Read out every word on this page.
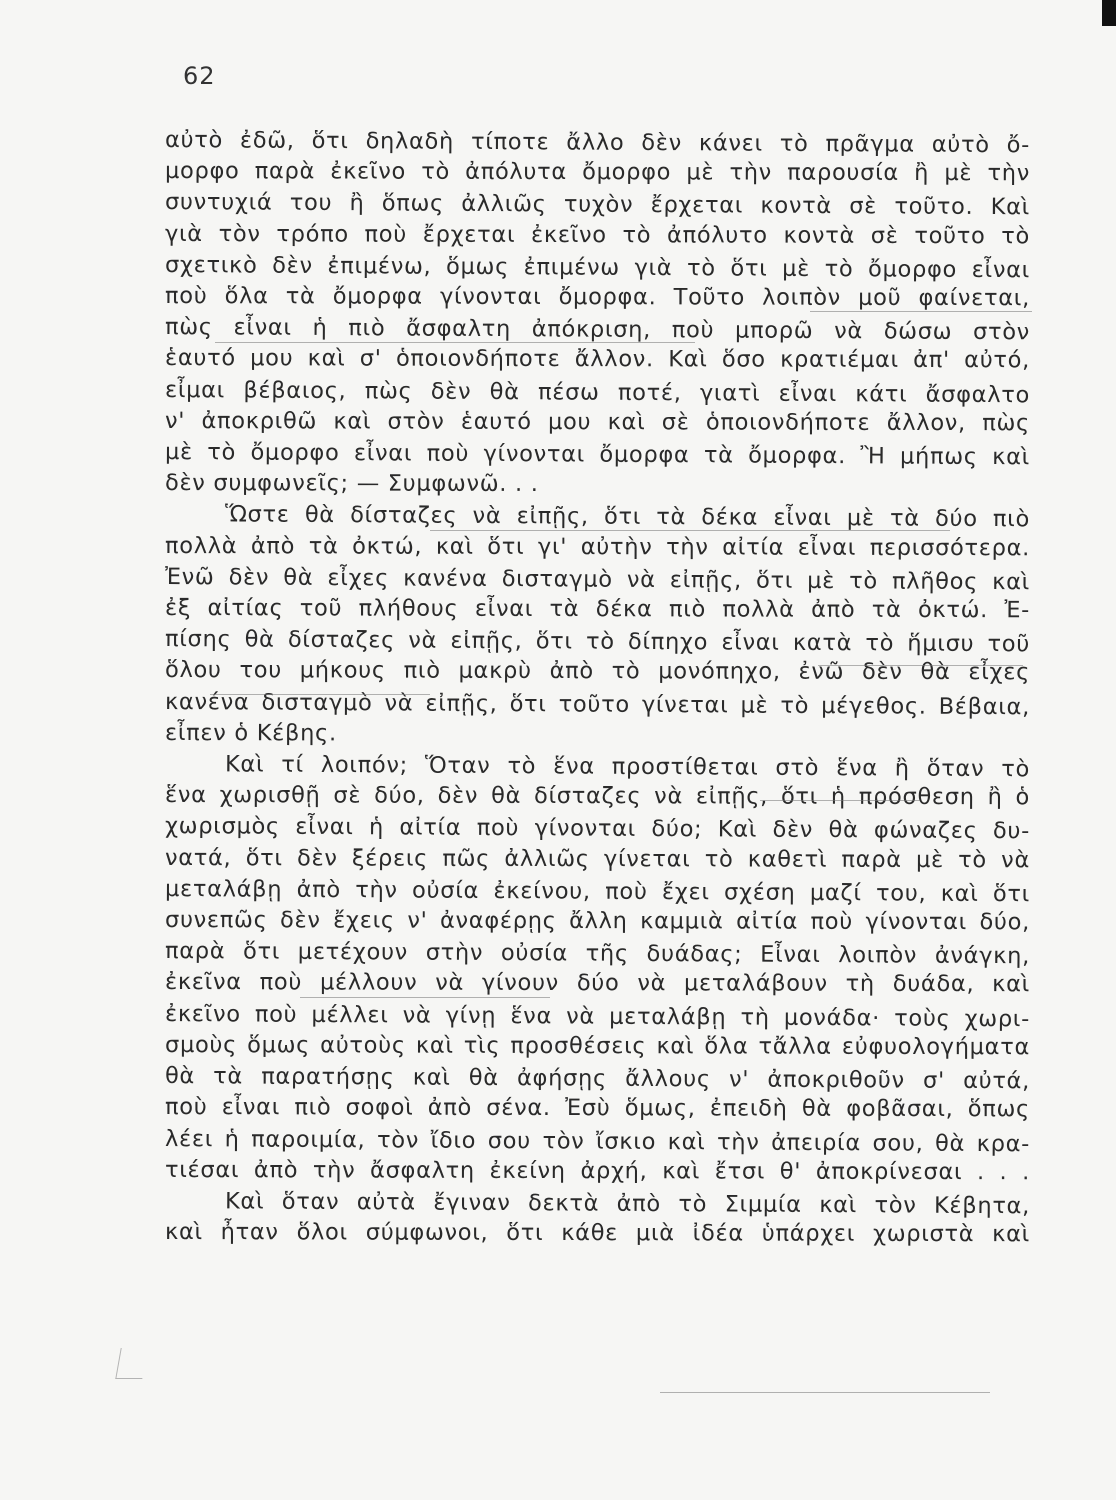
62
αὐτὸ ἐδῶ, ὅτι δηλαδὴ τίποτε ἄλλο δὲν κάνει τὸ πρᾶγμα αὐτὸ ὄ-
μορφο παρὰ ἐκεῖνο τὸ ἀπόλυτα ὄμορφο μὲ τὴν παρουσία ἢ μὲ τὴν
συντυχιά του ἢ ὅπως ἀλλιῶς τυχὸν ἔρχεται κοντὰ σὲ τοῦτο. Καὶ
γιὰ τὸν τρόπο ποὺ ἔρχεται ἐκεῖνο τὸ ἀπόλυτο κοντὰ σὲ τοῦτο τὸ
σχετικὸ δὲν ἐπιμένω, ὅμως ἐπιμένω γιὰ τὸ ὅτι μὲ τὸ ὄμορφο εἶναι
ποὺ ὅλα τὰ ὄμορφα γίνονται ὄμορφα. Τοῦτο λοιπὸν μοῦ φαίνεται,
πὼς εἶναι ἡ πιὸ ἄσφαλτη ἀπόκριση, ποὺ μπορῶ νὰ δώσω στὸν
ἑαυτό μου καὶ σ' ὁποιονδήποτε ἄλλον. Καὶ ὅσο κρατιέμαι ἀπ' αὐτό,
εἶμαι βέβαιος, πὼς δὲν θὰ πέσω ποτέ, γιατὶ εἶναι κάτι ἄσφαλτο
ν' ἀποκριθῶ καὶ στὸν ἑαυτό μου καὶ σὲ ὁποιονδήποτε ἄλλον, πὼς
μὲ τὸ ὄμορφο εἶναι ποὺ γίνονται ὄμορφα τὰ ὄμορφα. Ἢ μήπως καὶ
δὲν συμφωνεῖς; — Συμφωνῶ. . .
Ὥστε θὰ δίσταζες νὰ εἰπῇς, ὅτι τὰ δέκα εἶναι μὲ τὰ δύο πιὸ
πολλὰ ἀπὸ τὰ ὀκτώ, καὶ ὅτι γι' αὐτὴν τὴν αἰτία εἶναι περισσότερα.
Ἐνῶ δὲν θὰ εἶχες κανένα δισταγμὸ νὰ εἰπῇς, ὅτι μὲ τὸ πλῆθος καὶ
ἐξ αἰτίας τοῦ πλήθους εἶναι τὰ δέκα πιὸ πολλὰ ἀπὸ τὰ ὀκτώ. Ἐ-
πίσης θὰ δίσταζες νὰ εἰπῇς, ὅτι τὸ δίπηχο εἶναι κατὰ τὸ ἥμισυ τοῦ
ὅλου του μήκους πιὸ μακρὺ ἀπὸ τὸ μονόπηχο, ἐνῶ δὲν θὰ εἶχες
κανένα δισταγμὸ νὰ εἰπῇς, ὅτι τοῦτο γίνεται μὲ τὸ μέγεθος. Βέβαια,
εἶπεν ὁ Κέβης.
Καὶ τί λοιπόν; Ὅταν τὸ ἕνα προστίθεται στὸ ἕνα ἢ ὅταν τὸ
ἕνα χωρισθῇ σὲ δύο, δὲν θὰ δίσταζες νὰ εἰπῇς, ὅτι ἡ πρόσθεση ἢ ὁ
χωρισμὸς εἶναι ἡ αἰτία ποὺ γίνονται δύο; Καὶ δὲν θὰ φώναζες δυ-
νατά, ὅτι δὲν ξέρεις πῶς ἀλλιῶς γίνεται τὸ καθετὶ παρὰ μὲ τὸ νὰ
μεταλάβῃ ἀπὸ τὴν οὐσία ἐκείνου, ποὺ ἔχει σχέση μαζί του, καὶ ὅτι
συνεπῶς δὲν ἔχεις ν' ἀναφέρῃς ἄλλη καμμιὰ αἰτία ποὺ γίνονται δύο,
παρὰ ὅτι μετέχουν στὴν οὐσία τῆς δυάδας; Εἶναι λοιπὸν ἀνάγκη,
ἐκεῖνα ποὺ μέλλουν νὰ γίνουν δύο νὰ μεταλάβουν τὴ δυάδα, καὶ
ἐκεῖνο ποὺ μέλλει νὰ γίνῃ ἕνα νὰ μεταλάβῃ τὴ μονάδα· τοὺς χωρι-
σμοὺς ὅμως αὐτοὺς καὶ τὶς προσθέσεις καὶ ὅλα τἄλλα εὐφυολογήματα
θὰ τὰ παρατήσῃς καὶ θὰ ἀφήσῃς ἄλλους ν' ἀποκριθοῦν σ' αὐτά,
ποὺ εἶναι πιὸ σοφοὶ ἀπὸ σένα. Ἐσὺ ὅμως, ἐπειδὴ θὰ φοβᾶσαι, ὅπως
λέει ἡ παροιμία, τὸν ἴδιο σου τὸν ἴσκιο καὶ τὴν ἀπειρία σου, θὰ κρα-
τιέσαι ἀπὸ τὴν ἄσφαλτη ἐκείνη ἀρχή, καὶ ἔτσι θ' ἀποκρίνεσαι . . .
Καὶ ὅταν αὐτὰ ἔγιναν δεκτὰ ἀπὸ τὸ Σιμμία καὶ τὸν Κέβητα,
καὶ ἦταν ὅλοι σύμφωνοι, ὅτι κάθε μιὰ ἰδέα ὑπάρχει χωριστὰ καὶ
